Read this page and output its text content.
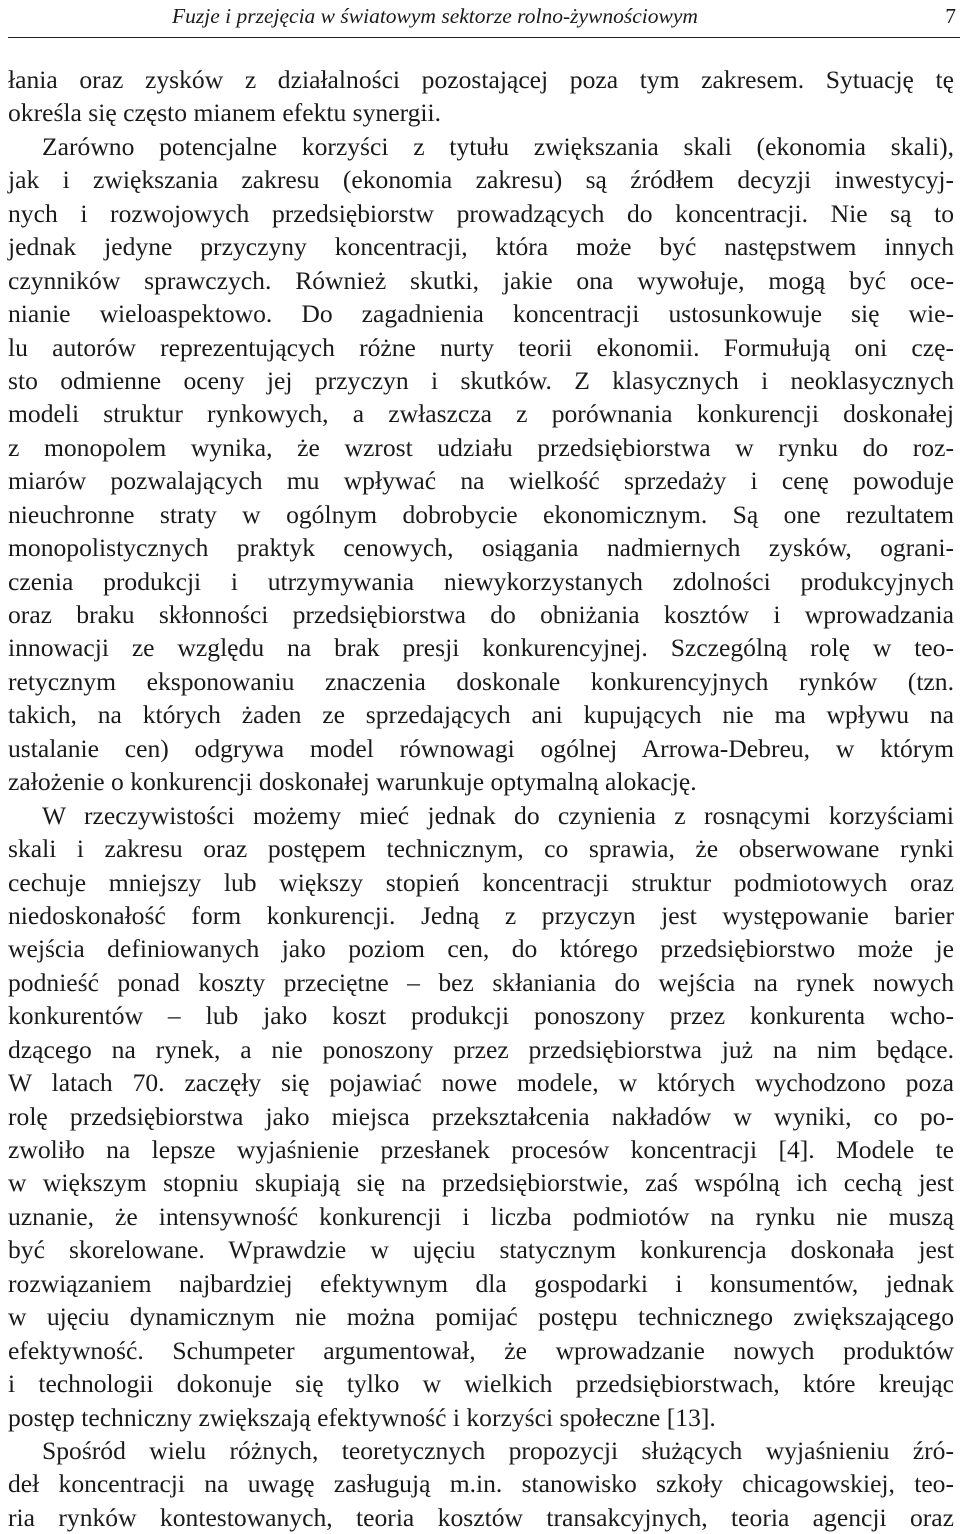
Fuzje i przejęcia w światowym sektorze rolno-żywnościowym	7
łania oraz zysków z działalności pozostającej poza tym zakresem. Sytuację tę
określa się często mianem efektu synergii.
Zarówno potencjalne korzyści z tytułu zwiększania skali (ekonomia skali),
jak i zwiększania zakresu (ekonomia zakresu) są źródłem decyzji inwestycyj-
nych i rozwojowych przedsiębiorstw prowadzących do koncentracji. Nie są to
jednak jedyne przyczyny koncentracji, która może być następstwem innych
czynników sprawczych. Również skutki, jakie ona wywołuje, mogą być oce-
nianie wieloaspektowo. Do zagadnienia koncentracji ustosunkowuje się wie-
lu autorów reprezentujących różne nurty teorii ekonomii. Formułują oni czę-
sto odmienne oceny jej przyczyn i skutków. Z klasycznych i neoklasycznych
modeli struktur rynkowych, a zwłaszcza z porównania konkurencji doskonałej
z monopolem wynika, że wzrost udziału przedsiębiorstwa w rynku do roz-
miarów pozwalających mu wpływać na wielkość sprzedaży i cenę powoduje
nieuchronne straty w ogólnym dobrobycie ekonomicznym. Są one rezultatem
monopolistycznych praktyk cenowych, osiągania nadmiernych zysków, ograni-
czenia produkcji i utrzymywania niewykorzystanych zdolności produkcyjnych
oraz braku skłonności przedsiębiorstwa do obniżania kosztów i wprowadzania
innowacji ze względu na brak presji konkurencyjnej. Szczególną rolę w teo-
retycznym eksponowaniu znaczenia doskonale konkurencyjnych rynków (tzn.
takich, na których żaden ze sprzedających ani kupujących nie ma wpływu na
ustalanie cen) odgrywa model równowagi ogólnej Arrowa-Debreu, w którym
założenie o konkurencji doskonałej warunkuje optymalną alokację.
W rzeczywistości możemy mieć jednak do czynienia z rosnącymi korzyściami
skali i zakresu oraz postępem technicznym, co sprawia, że obserwowane rynki
cechuje mniejszy lub większy stopień koncentracji struktur podmiotowych oraz
niedoskonałość form konkurencji. Jedną z przyczyn jest występowanie barier
wejścia definiowanych jako poziom cen, do którego przedsiębiorstwo może je
podnieść ponad koszty przeciętne – bez skłaniania do wejścia na rynek nowych
konkurentów – lub jako koszt produkcji ponoszony przez konkurenta wcho-
dzącego na rynek, a nie ponoszony przez przedsiębiorstwa już na nim będące.
W latach 70. zaczęły się pojawiać nowe modele, w których wychodzono poza
rolę przedsiębiorstwa jako miejsca przekształcenia nakładów w wyniki, co po-
zwoliło na lepsze wyjaśnienie przesłanek procesów koncentracji [4]. Modele te
w większym stopniu skupiają się na przedsiębiorstwie, zaś wspólną ich cechą jest
uznanie, że intensywność konkurencji i liczba podmiotów na rynku nie muszą
być skorelowane. Wprawdzie w ujęciu statycznym konkurencja doskonała jest
rozwiązaniem najbardziej efektywnym dla gospodarki i konsumentów, jednak
w ujęciu dynamicznym nie można pomijać postępu technicznego zwiększającego
efektywność. Schumpeter argumentował, że wprowadzanie nowych produktów
i technologii dokonuje się tylko w wielkich przedsiębiorstwach, które kreując
postęp techniczny zwiększają efektywność i korzyści społeczne [13].
Spośród wielu różnych, teoretycznych propozycji służących wyjaśnieniu źró-
deł koncentracji na uwagę zasługują m.in. stanowisko szkoły chicagowskiej, teo-
ria rynków kontestowanych, teoria kosztów transakcyjnych, teoria agencji oraz
